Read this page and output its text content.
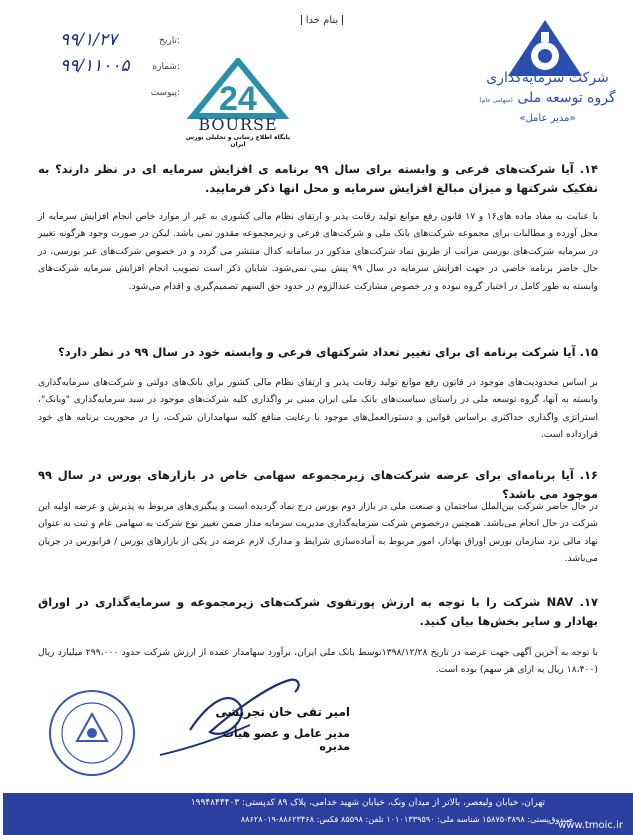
بنام خدا
۹۹/۱/۲۷	تاریخ:
۹۹/۱۱۰۰۵	شماره:
پیوست: 24
BOURSE
پایگاه اطلاع رسانی و تحلیلی بورس ایران
شرکت سرمایه‌گذاری
(سهامی عام) گروه توسعه ملی
«مدیر عامل»

۱۴. آیا شرکت‌های فرعی و وابسته برای سال ۹۹ برنامه ی افزایش سرمایه ای در نظر دارند؟ به تفکیک شرکتها و میزان مبالغ افزایش سرمایه و محل انها ذکر فرمایید.

با عنایت به مفاد ماده های۱۶ و ۱۷ قانون رفع موانع تولید رقابت پذیر و ارتقای نظام مالی کشوری به غیر از موارد خاص انجام افزایش سرمایه از محل آورده و مطالبات برای مجموعه شرکت‌های بانک ملی و شرکت‌های فرعی و زیرمجموعه مقدور نمی باشد. لیکن در صورت وجود هرگونه تغییر در سرمایه شرکت‌های بورسی مراتب از طریق نماد شرکت‌های مذکور در سامانه کدال منتشر می گردد و در خصوص شرکت‌های غیر بورسی، در حال حاضر برنامه خاصی در جهت افزایش سرمایه در سال ۹۹ پیش بینی نمی‌شود. شایان ذکر است تصویب انجام افزایش سرمایه شرکت‌های وابسته به طور کامل در اختیار گروه نبوده و در خصوص مشارکت عندالزوم در حدود حق السهم تصمیم‌گیری و اقدام می‌شود.

۱۵. آیا شرکت برنامه ای برای تغییر تعداد شرکتهای فرعی و وابسته خود در سال ۹۹ در نظر دارد؟

بر اساس محدودیت‌های موجود در قانون رفع موانع تولید رقابت پذیر و ارتقای نظام مالی کشور برای بانک‌های دولتی و شرکت‌های سرمایه‌گذاری وابسته به آنها، گروه توسعه ملی در راستای سیاست‌های بانک ملی ایران مبنی بر واگذاری کلیه شرکت‌های موجود در سبد سرمایه‌گذاری "وبانک"، استراتژی واگذاری حداکثری براساس قوانین و دستورالعمل‌های موجود با رعایت منافع کلیه سهامداران شرکت، را در محوریت برنامه های خود قرارداده است.

۱۶. آیا برنامه‌ای برای عرضه شرکت‌های زیرمجموعه سهامی خاص در بازارهای بورس در سال ۹۹ موجود می باشد؟

در حال حاضر شرکت بین‌الملل ساختمان و صنعت ملی در بازار دوم بورس درج نماد گردیده است و پیگیری‌های مربوط به پذیرش و عرضه اولیه این شرکت در حال انجام می‌باشد. همچنین درخصوص شرکت سرمایه‌گذاری مدیریت سرمایه مدار ضمن تغییر نوع شرکت به سهامی عام و ثبت به عنوان نهاد مالی نزد سازمان بورس اوراق بهادار، امور مربوط به آماده‌سازی شرایط و مدارک لازم عرضه در یکی از بازارهای بورس / فرابورس در جریان می‌باشد.

۱۷. NAV شرکت را با توجه به ارزش پورتفوی شرکت‌های زیرمجموعه و سرمایه‌گذاری در اوراق بهادار و سایر بخش‌ها بیان کنید.

با توجه به آخرین آگهی جهت عرضه در تاریخ ۱۳۹۸/۱۲/۲۸توسط بانک ملی ایران، برآورد سهامدار عمده از ارزش شرکت حدود ۲۹۹،۰۰۰ میلیارد ریال (۱۸،۴۰۰ ریال به ازای هر سهم) بوده است.

امیر تقی خان تجریشی
مدیر عامل و عضو هیأت مدیره
تهران، خیابان ولیعصر، بالاتر از میدان ونک، خیابان شهید خدامی، پلاک ۸۹ کدپستی: ۱۹۹۴۸۴۴۴۰۳
صندوق‌پستی: ۳۸۹۸-۱۵۸۷۵ شناسه ملی: ۱۰۱۰۱۳۳۹۵۹۰ تلفن: ۸۵۵۹۸ فکس: ۸۸۶۲۳۴۶۸-۸۸۶۲۸۰۱۹
www.tmoic.ir
